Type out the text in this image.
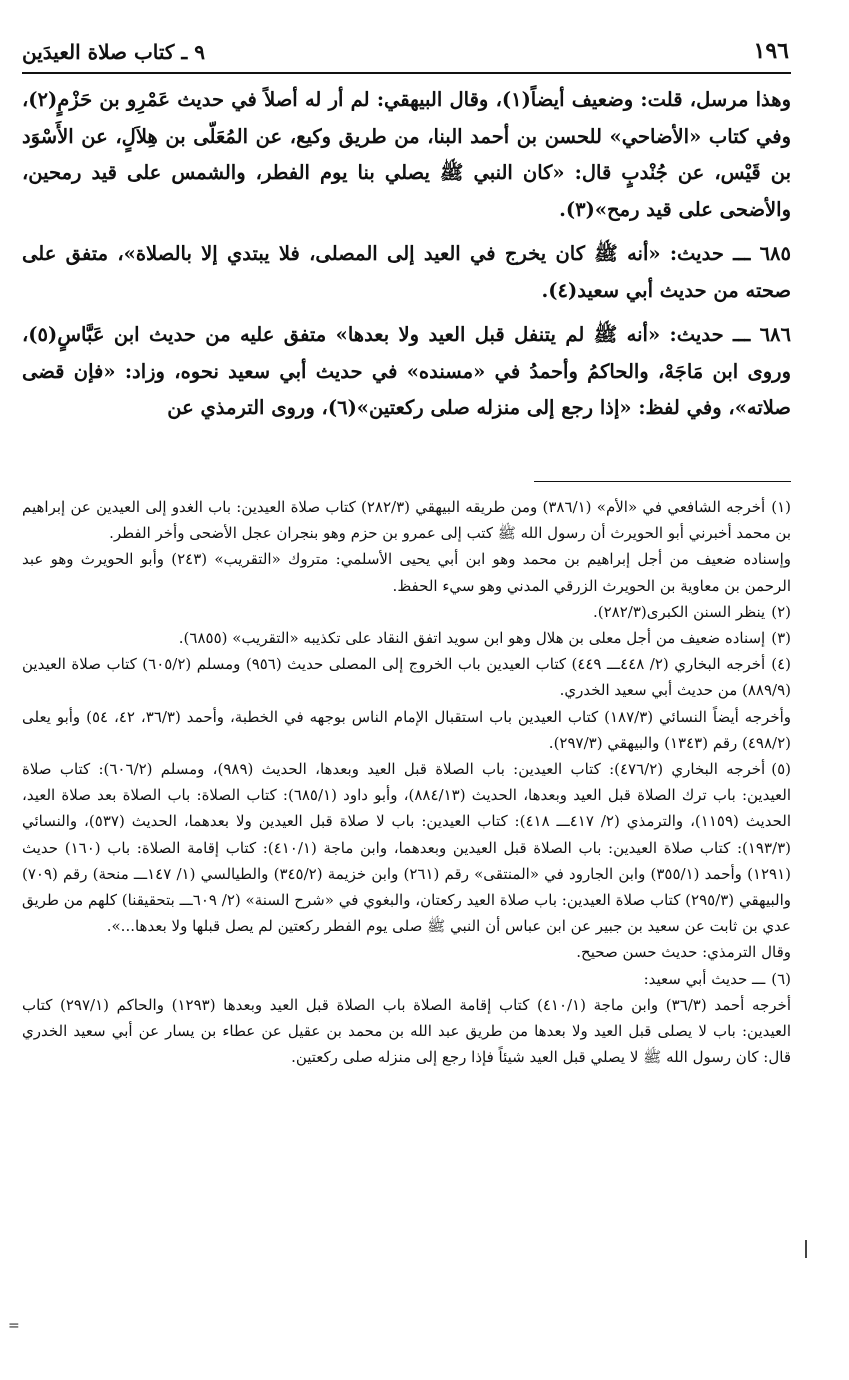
١٩٦
٩ ـ كتاب صلاة العيدَين

وهذا مرسل، قلت: وضعيف أيضاً(١)، وقال البيهقي: لم أر له أصلاً في حديث عَمْرِو بن حَزْمٍ(٢)، وفي كتاب «الأضاحي» للحسن بن أحمد البنا، من طريق وكيع، عن المُعَلّى بن هِلاَلٍ، عن الأَسْوَد بن قَيْس، عن جُنْدبٍ قال: «كان النبي ﷺ يصلي بنا يوم الفطر، والشمس على قيد رمحين، والأضحى على قيد رمح»(٣).

٦٨٥ ـــ حديث: «أنه ﷺ كان يخرج في العيد إلى المصلى، فلا يبتدي إلا بالصلاة»، متفق على صحته من حديث أبي سعيد(٤).

٦٨٦ ـــ حديث: «أنه ﷺ لم يتنفل قبل العيد ولا بعدها» متفق عليه من حديث ابن عَبَّاسٍ(٥)، وروى ابن مَاجَهْ، والحاكمُ وأحمدُ في «مسنده» في حديث أبي سعيد نحوه، وزاد: «فإن قضى صلاته»، وفي لفظ: «إذا رجع إلى منزله صلى ركعتين»(٦)، وروى الترمذي عن

(١)أخرجه الشافعي في «الأم» (٣٨٦/١) ومن طريقه البيهقي (٢٨٢/٣) كتاب صلاة العيدين: باب الغدو إلى العيدين عن إبراهيم بن محمد أخبرني أبو الحويرث أن رسول الله ﷺ كتب إلى عمرو بن حزم وهو بنجران عجل الأضحى وأخر الفطر.

وإسناده ضعيف من أجل إبراهيم بن محمد وهو ابن أبي يحيى الأسلمي: متروك «التقريب» (٢٤٣) وأبو الحويرث وهو عبد الرحمن بن معاوية بن الحويرث الزرقي المدني وهو سيء الحفظ.

(٢)ينظر السنن الكبرى(٢٨٢/٣).

(٣)إسناده ضعيف من أجل معلى بن هلال وهو ابن سويد اتفق النقاد على تكذيبه «التقريب» (٦٨٥٥).

(٤)أخرجه البخاري (٢/ ٤٤٨ـــ ٤٤٩) كتاب العيدين باب الخروج إلى المصلى حديث (٩٥٦) ومسلم (٦٠٥/٢) كتاب صلاة العيدين (٨٨٩/٩) من حديث أبي سعيد الخدري.

وأخرجه أيضاً النسائي (١٨٧/٣) كتاب العيدين باب استقبال الإمام الناس بوجهه في الخطبة، وأحمد (٣٦/٣، ٤٢، ٥٤) وأبو يعلى (٤٩٨/٢) رقم (١٣٤٣) والبيهقي (٢٩٧/٣).

(٥)أخرجه البخاري (٤٧٦/٢): كتاب العيدين: باب الصلاة قبل العيد وبعدها، الحديث (٩٨٩)، ومسلم (٦٠٦/٢): كتاب صلاة العيدين: باب ترك الصلاة قبل العيد وبعدها، الحديث (٨٨٤/١٣)، وأبو داود (٦٨٥/١): كتاب الصلاة: باب الصلاة بعد صلاة العيد، الحديث (١١٥٩)، والترمذي (٢/ ٤١٧ـــ ٤١٨): كتاب العيدين: باب لا صلاة قبل العيدين ولا بعدهما، الحديث (٥٣٧)، والنسائي (١٩٣/٣): كتاب صلاة العيدين: باب الصلاة قبل العيدين وبعدهما، وابن ماجة (٤١٠/١): كتاب إقامة الصلاة: باب (١٦٠) حديث (١٢٩١) وأحمد (٣٥٥/١) وابن الجارود في «المنتقى» رقم (٢٦١) وابن خزيمة (٣٤٥/٢) والطيالسي (١/ ١٤٧ـــ منحة) رقم (٧٠٩) والبيهقي (٢٩٥/٣) كتاب صلاة العيدين: باب صلاة العيد ركعتان، والبغوي في «شرح السنة» (٢/ ٦٠٩ـــ بتحقيقنا) كلهم من طريق عدي بن ثابت عن سعيد بن جبير عن ابن عباس أن النبي ﷺ صلى يوم الفطر ركعتين لم يصل قبلها ولا بعدها...».

وقال الترمذي: حديث حسن صحيح.

(٦)ـــ حديث أبي سعيد:

أخرجه أحمد (٣٦/٣) وابن ماجة (٤١٠/١) كتاب إقامة الصلاة باب الصلاة قبل العيد وبعدها (١٢٩٣) والحاكم (٢٩٧/١) كتاب العيدين: باب لا يصلى قبل العيد ولا بعدها من طريق عبد الله بن محمد بن عقيل عن عطاء بن يسار عن أبي سعيد الخدري قال: كان رسول الله ﷺ لا يصلي قبل العيد شيئاً فإذا رجع إلى منزله صلى ركعتين.

=
